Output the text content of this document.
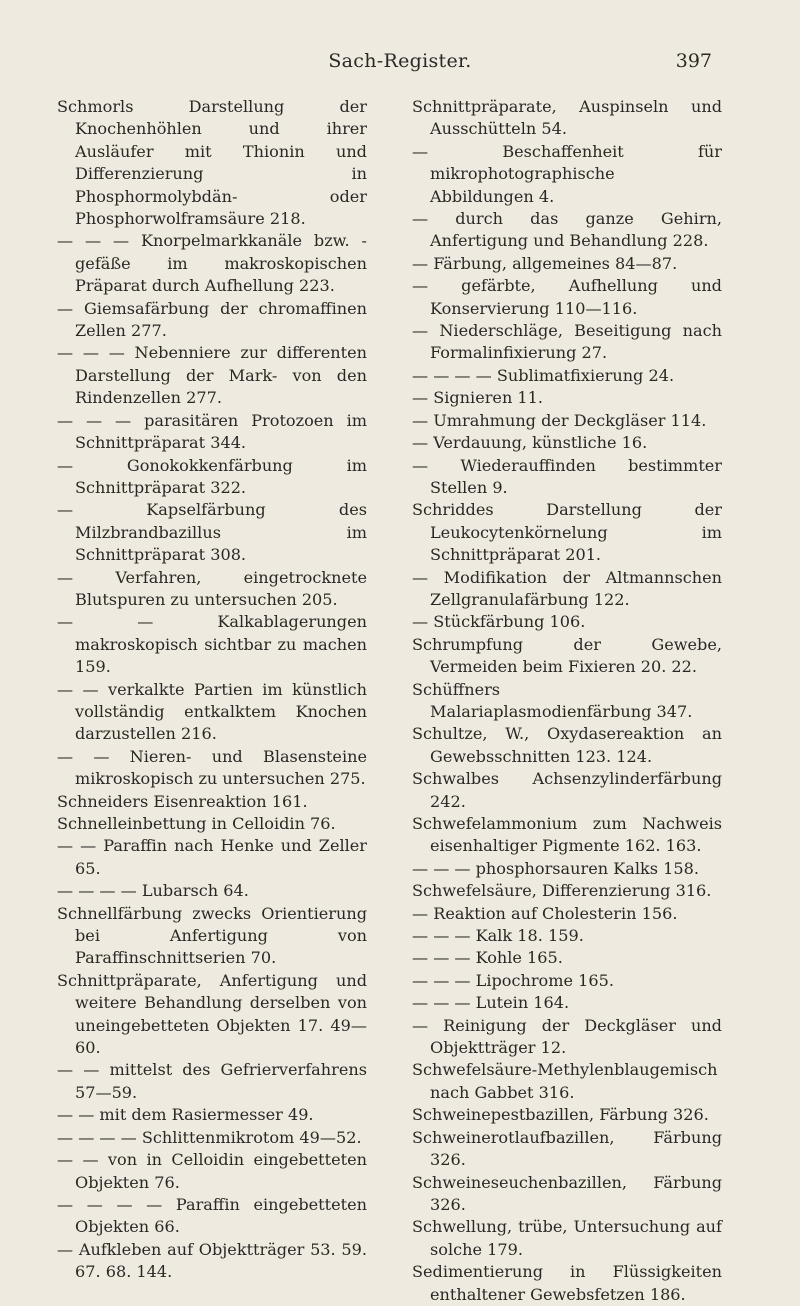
Sach-Register.	397

Schmorls Darstellung der Knochenhöhlen und ihrer Ausläufer mit Thionin und Differenzierung in Phosphormolybdän- oder Phosphorwolframsäure 218.

— — — Knorpelmarkkanäle bzw. -gefäße im makroskopischen Präparat durch Aufhellung 223.

— Giemsafärbung der chromaffinen Zellen 277.

— — — Nebenniere zur differenten Darstellung der Mark- von den Rindenzellen 277.

— — — parasitären Protozoen im Schnittpräparat 344.

— Gonokokkenfärbung im Schnittpräparat 322.

— Kapselfärbung des Milzbrandbazillus im Schnittpräparat 308.

— Verfahren, eingetrocknete Blutspuren zu untersuchen 205.

— — Kalkablagerungen makroskopisch sichtbar zu machen 159.

— — verkalkte Partien im künstlich vollständig entkalktem Knochen darzustellen 216.

— — Nieren- und Blasensteine mikroskopisch zu untersuchen 275.

Schneiders Eisenreaktion 161.

Schnelleinbettung in Celloidin 76.

— — Paraffin nach Henke und Zeller 65.

— — — — Lubarsch 64.

Schnellfärbung zwecks Orientierung bei Anfertigung von Paraffinschnittserien 70.

Schnittpräparate, Anfertigung und weitere Behandlung derselben von uneingebetteten Objekten 17. 49—60.

— — mittelst des Gefrierverfahrens 57—59.

— — mit dem Rasiermesser 49.

— — — — Schlittenmikrotom 49—52.

— — von in Celloidin eingebetteten Objekten 76.

— — — — Paraffin eingebetteten Objekten 66.

— Aufkleben auf Objektträger 53. 59. 67. 68. 144.

Schnittpräparate, Auspinseln und Ausschütteln 54.

— Beschaffenheit für mikrophotographische Abbildungen 4.

— durch das ganze Gehirn, Anfertigung und Behandlung 228.

— Färbung, allgemeines 84—87.

— gefärbte, Aufhellung und Konservierung 110—116.

— Niederschläge, Beseitigung nach Formalinfixierung 27.

— — — — Sublimatfixierung 24.

— Signieren 11.

— Umrahmung der Deckgläser 114.

— Verdauung, künstliche 16.

— Wiederauffinden bestimmter Stellen 9.

Schriddes Darstellung der Leukocytenkörnelung im Schnittpräparat 201.

— Modifikation der Altmannschen Zellgranulafärbung 122.

— Stückfärbung 106.

Schrumpfung der Gewebe, Vermeiden beim Fixieren 20. 22.

Schüffners Malariaplasmodienfärbung 347.

Schultze, W., Oxydasereaktion an Gewebsschnitten 123. 124.

Schwalbes Achsenzylinderfärbung 242.

Schwefelammonium zum Nachweis eisenhaltiger Pigmente 162. 163.

— — — phosphorsauren Kalks 158.

Schwefelsäure, Differenzierung 316.

— Reaktion auf Cholesterin 156.

— — — Kalk 18. 159.

— — — Kohle 165.

— — — Lipochrome 165.

— — — Lutein 164.

— Reinigung der Deckgläser und Objektträger 12.

Schwefelsäure-Methylenblaugemisch nach Gabbet 316.

Schweinepestbazillen, Färbung 326.

Schweinerotlaufbazillen, Färbung 326.

Schweineseuchenbazillen, Färbung 326.

Schwellung, trübe, Untersuchung auf solche 179.

Sedimentierung in Flüssigkeiten enthaltener Gewebsfetzen 186.
